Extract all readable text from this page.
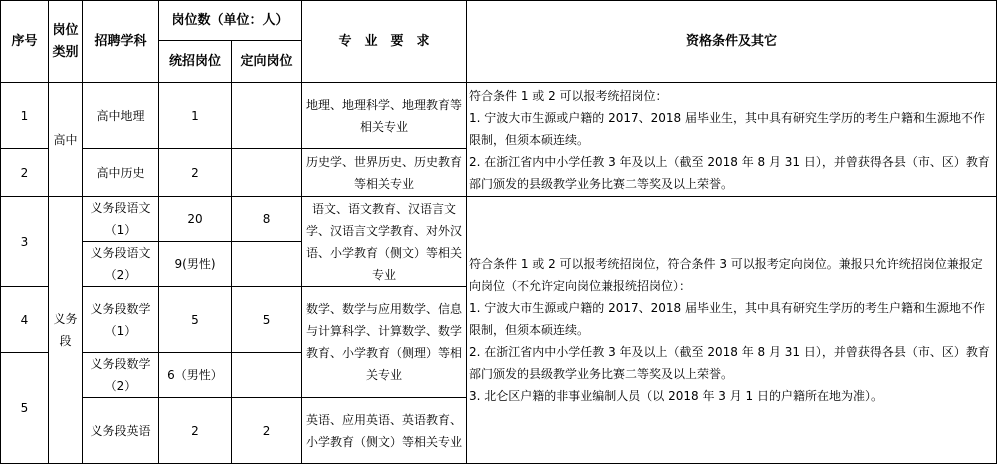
序号	岗位类别	招聘学科	岗位数（单位：人）		专　业　要　求	资格条件及其它
			统招岗位	定向岗位		
1	高中	高中地理	1		地理、地理科学、地理教育等相关专业	符合条件 1 或 2 可以报考统招岗位：
1. 宁波大市生源或户籍的 2017、2018 届毕业生，其中具有研究生学历的考生户籍和生源地不作限制，但须本硕连续。
2. 在浙江省内中小学任教 3 年及以上（截至 2018 年 8 月 31 日），并曾获得各县（市、区）教育部门颁发的县级教学业务比赛二等奖及以上荣誉。

2		高中历史	2		历史学、世界历史、历史教育等相关专业	
3	义务段	义务段语文（1）	20	8	语文、语文教育、汉语言文学、汉语言文学教育、对外汉语、小学教育（侧文）等相关专业	符合条件 1 或 2 可以报考统招岗位，符合条件 3 可以报考定向岗位。兼报只允许统招岗位兼报定向岗位（不允许定向岗位兼报统招岗位）：
1. 宁波大市生源或户籍的 2017、2018 届毕业生，其中具有研究生学历的考生户籍和生源地不作限制，但须本硕连续。
2. 在浙江省内中小学任教 3 年及以上（截至 2018 年 8 月 31 日），并曾获得各县（市、区）教育部门颁发的县级教学业务比赛二等奖及以上荣誉。
3. 北仑区户籍的非事业编制人员（以 2018 年 3 月 1 日的户籍所在地为准）。

		义务段语文（2）	9(男性)			
4		义务段数学（1）	5	5	数学、数学与应用数学、信息与计算科学、计算数学、数学教育、小学教育（侧理）等相关专业	
5		义务段数学（2）	6（男性）			
		义务段英语	2	2	英语、应用英语、英语教育、小学教育（侧文）等相关专业	
